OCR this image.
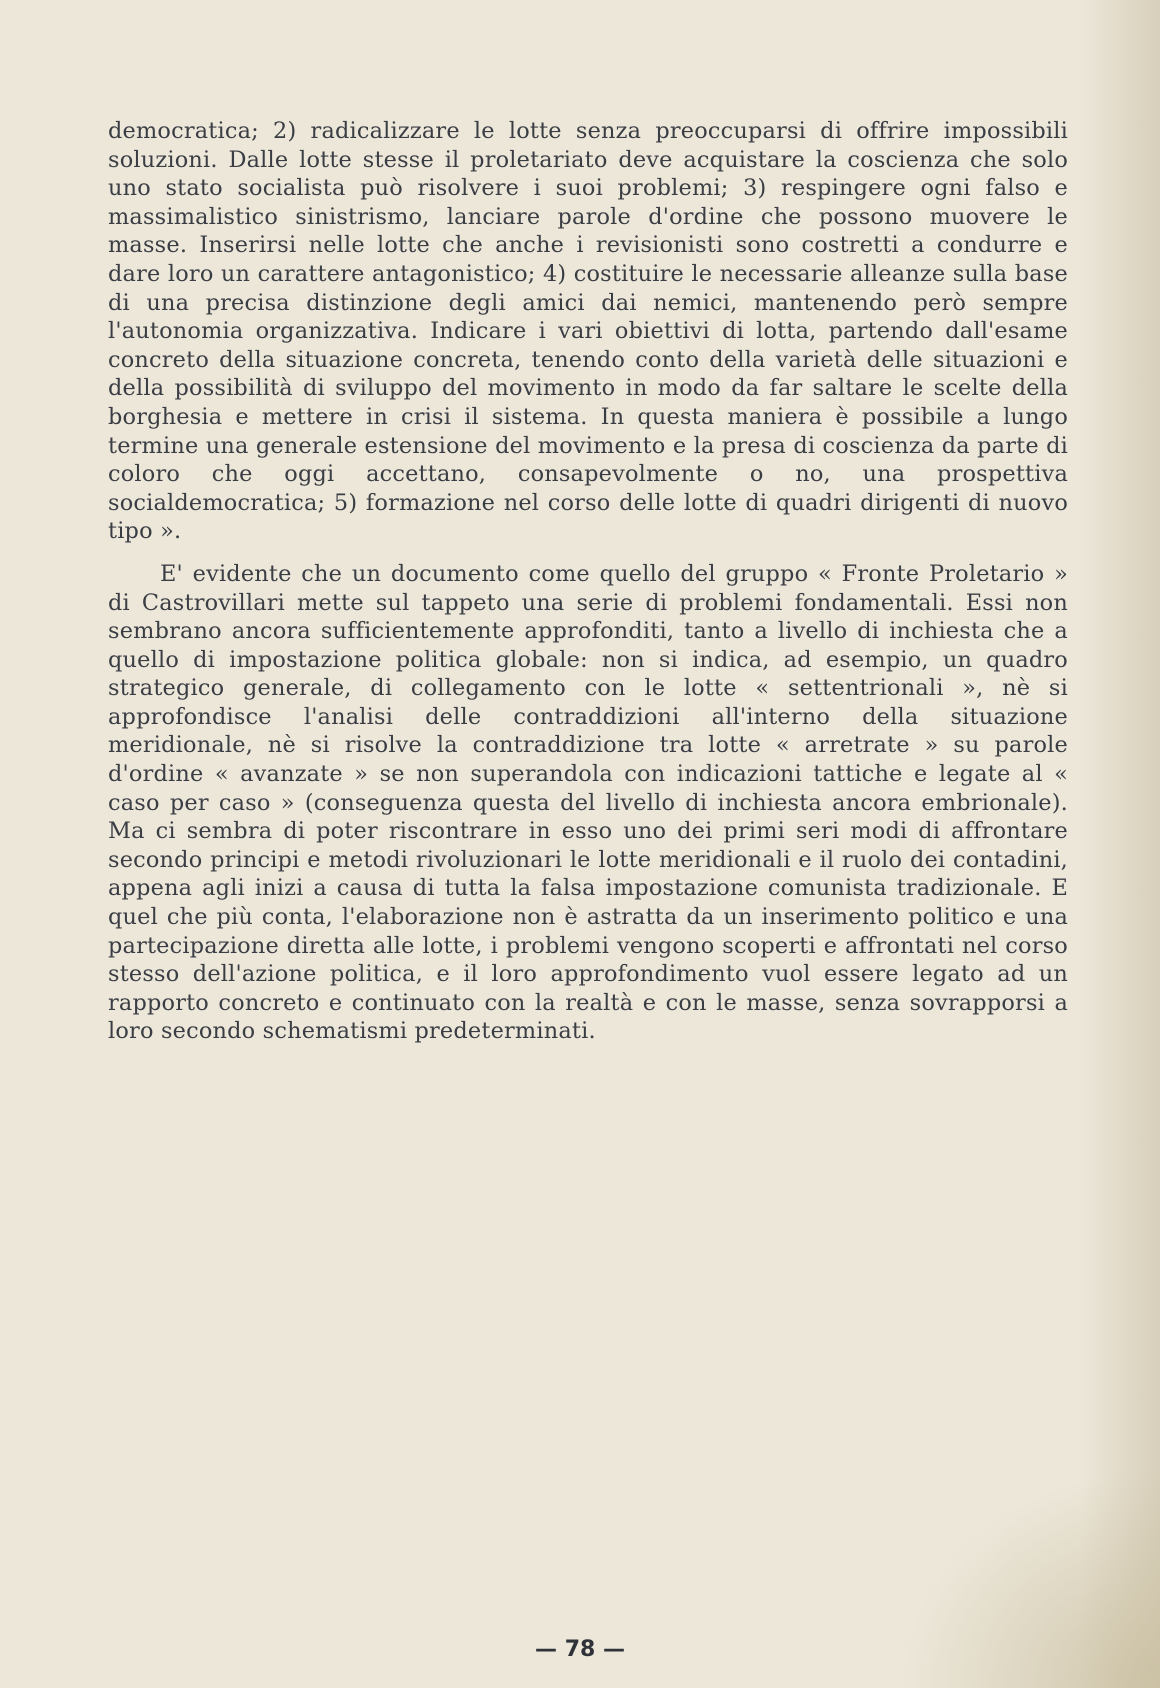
democratica; 2) radicalizzare le lotte senza preoccuparsi di offrire impossibili soluzioni. Dalle lotte stesse il proletariato deve acquistare la coscienza che solo uno stato socialista può risolvere i suoi problemi; 3) respingere ogni falso e massimalistico sinistrismo, lanciare parole d'ordine che possono muovere le masse. Inserirsi nelle lotte che anche i revisionisti sono costretti a condurre e dare loro un carattere antagonistico; 4) costituire le necessarie alleanze sulla base di una precisa distinzione degli amici dai nemici, mantenendo però sempre l'autonomia organizzativa. Indicare i vari obiettivi di lotta, partendo dall'esame concreto della situazione concreta, tenendo conto della varietà delle situazioni e della possibilità di sviluppo del movimento in modo da far saltare le scelte della borghesia e mettere in crisi il sistema. In questa maniera è possibile a lungo termine una generale estensione del movimento e la presa di coscienza da parte di coloro che oggi accettano, consapevolmente o no, una prospettiva socialdemocratica; 5) formazione nel corso delle lotte di quadri dirigenti di nuovo tipo ».

E' evidente che un documento come quello del gruppo « Fronte Proletario » di Castrovillari mette sul tappeto una serie di problemi fondamentali. Essi non sembrano ancora sufficientemente approfonditi, tanto a livello di inchiesta che a quello di impostazione politica globale: non si indica, ad esempio, un quadro strategico generale, di collegamento con le lotte « settentrionali », nè si approfondisce l'analisi delle contraddizioni all'interno della situazione meridionale, nè si risolve la contraddizione tra lotte « arretrate » su parole d'ordine « avanzate » se non superandola con indicazioni tattiche e legate al « caso per caso » (conseguenza questa del livello di inchiesta ancora embrionale). Ma ci sembra di poter riscontrare in esso uno dei primi seri modi di affrontare secondo principi e metodi rivoluzionari le lotte meridionali e il ruolo dei contadini, appena agli inizi a causa di tutta la falsa impostazione comunista tradizionale. E quel che più conta, l'elaborazione non è astratta da un inserimento politico e una partecipazione diretta alle lotte, i problemi vengono scoperti e affrontati nel corso stesso dell'azione politica, e il loro approfondimento vuol essere legato ad un rapporto concreto e continuato con la realtà e con le masse, senza sovrapporsi a loro secondo schematismi predeterminati.

— 78 —
